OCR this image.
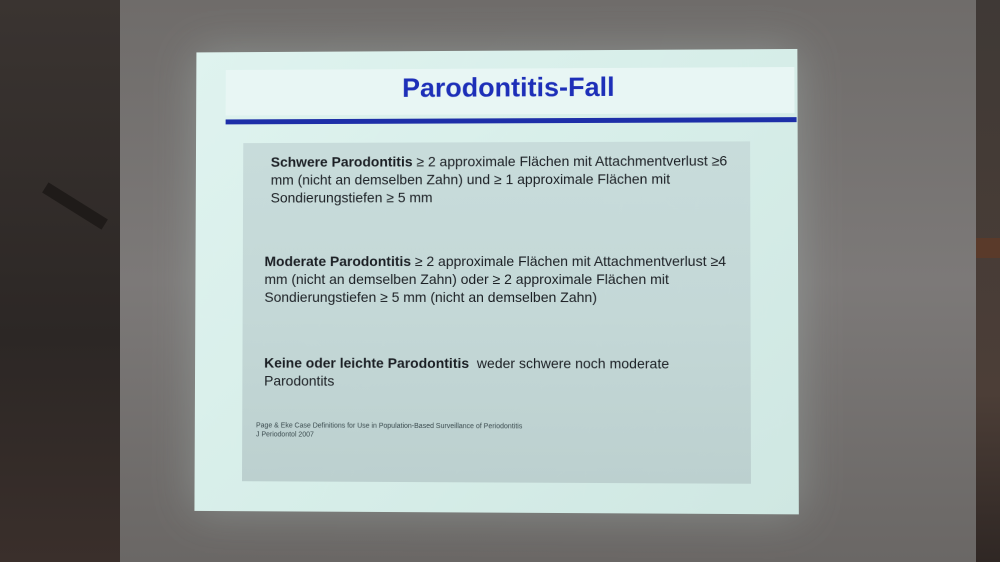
Parodontitis-Fall

Schwere Parodontitis ≥ 2 approximale Flächen mit Attachmentverlust ≥6 mm (nicht an demselben Zahn) und ≥ 1 approximale Flächen mit Sondierungstiefen ≥ 5 mm

Moderate Parodontitis ≥ 2 approximale Flächen mit Attachmentverlust ≥4 mm (nicht an demselben Zahn) oder ≥ 2 approximale Flächen mit Sondierungstiefen ≥ 5 mm (nicht an demselben Zahn)

Keine oder leichte Parodontitis  weder schwere noch moderate Parodontits

Page & Eke Case Definitions for Use in Population-Based Surveillance of Periodontitis
J Periodontol 2007
